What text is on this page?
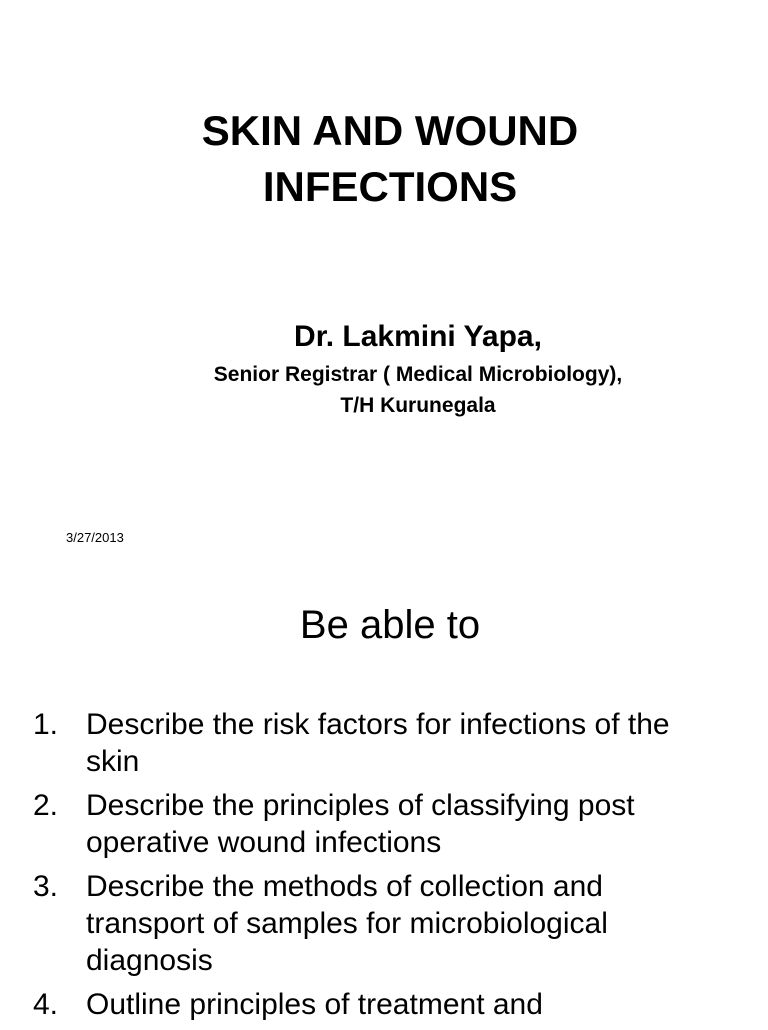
SKIN AND WOUND
INFECTIONS

Dr. Lakmini Yapa,

Senior Registrar ( Medical Microbiology),
T/H Kurunegala

3/27/2013
Be able to
1. Describe the risk factors for infections of the
skin
2. Describe the principles of classifying post
operative wound infections
3. Describe the methods of collection and
transport of samples for microbiological
diagnosis
4. Outline principles of treatment and
